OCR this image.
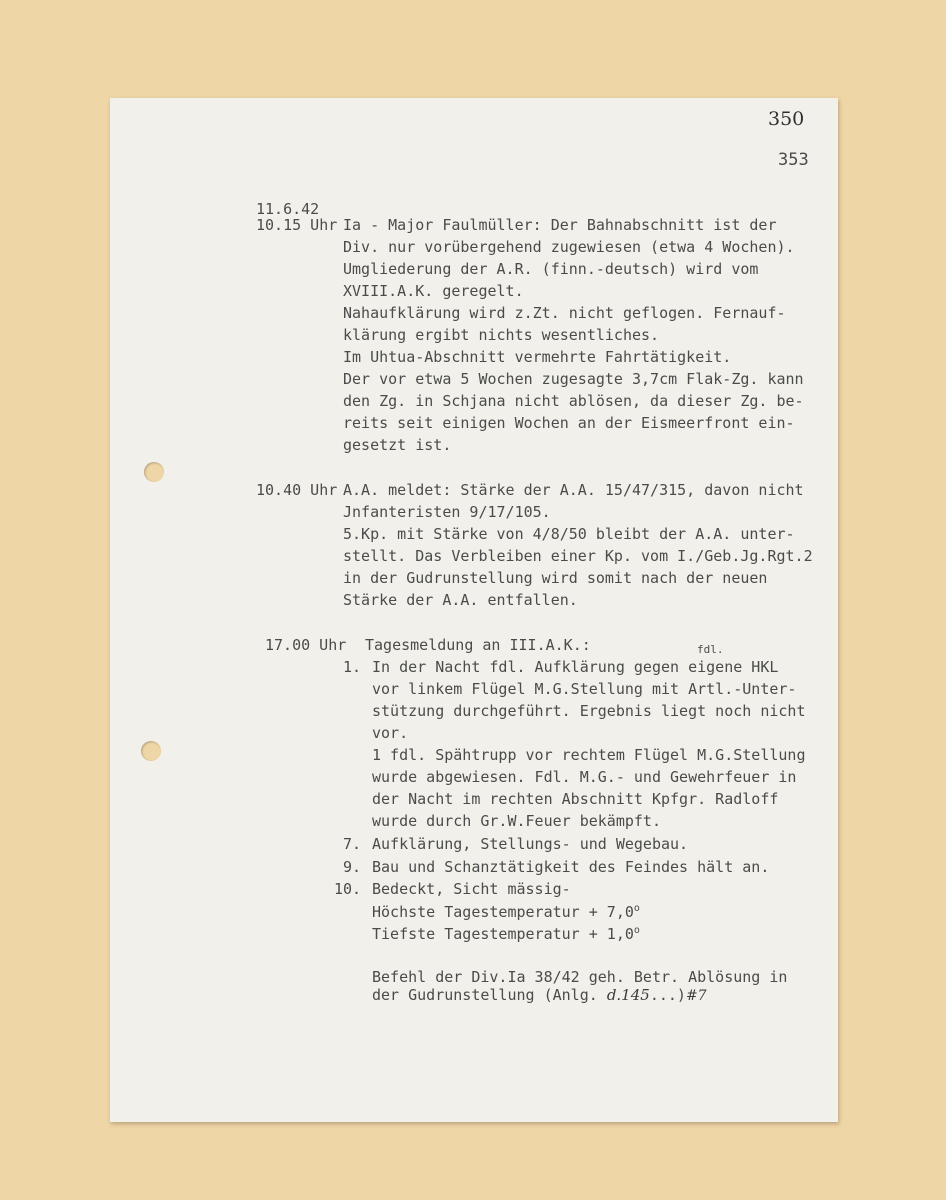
350
353
11.6.42
10.15 Uhr Ia - Major Faulmüller: Der Bahnabschnitt ist der
Div. nur vorübergehend zugewiesen (etwa 4 Wochen).
Umgliederung der A.R. (finn.-deutsch) wird vom
XVIII.A.K. geregelt.
Nahaufklärung wird z.Zt. nicht geflogen. Fernauf-
klärung ergibt nichts wesentliches.
Im Uhtua-Abschnitt vermehrte Fahrtätigkeit.
Der vor etwa 5 Wochen zugesagte 3,7cm Flak-Zg. kann
den Zg. in Schjana nicht ablösen, da dieser Zg. be-
reits seit einigen Wochen an der Eismeerfront ein-
gesetzt ist.
10.40 Uhr A.A. meldet: Stärke der A.A. 15/47/315, davon nicht
Jnfanteristen 9/17/105.
5.Kp. mit Stärke von 4/8/50 bleibt der A.A. unter-
stellt. Das Verbleiben einer Kp. vom I./Geb.Jg.Rgt.2
in der Gudrunstellung wird somit nach der neuen
Stärke der A.A. entfallen.
17.00 Uhr Tagesmeldung an III.A.K.:	fdl.
1. In der Nacht fdl. Aufklärung gegen eigene HKL
vor linkem Flügel M.G.Stellung mit Artl.-Unter-
stützung durchgeführt. Ergebnis liegt noch nicht
vor.
1 fdl. Spähtrupp vor rechtem Flügel M.G.Stellung
wurde abgewiesen. Fdl. M.G.- und Gewehrfeuer in
der Nacht im rechten Abschnitt Kpfgr. Radloff
wurde durch Gr.W.Feuer bekämpft.
7. Aufklärung, Stellungs- und Wegebau.
9. Bau und Schanztätigkeit des Feindes hält an.
10. Bedeckt, Sicht mässig-
Höchste Tagestemperatur + $7,0^o$
Tiefste Tagestemperatur + $1,0^o$
Befehl der Div.Ia 38/42 geh. Betr. Ablösung in
der Gudrunstellung (Anlg. d.145...)#7
